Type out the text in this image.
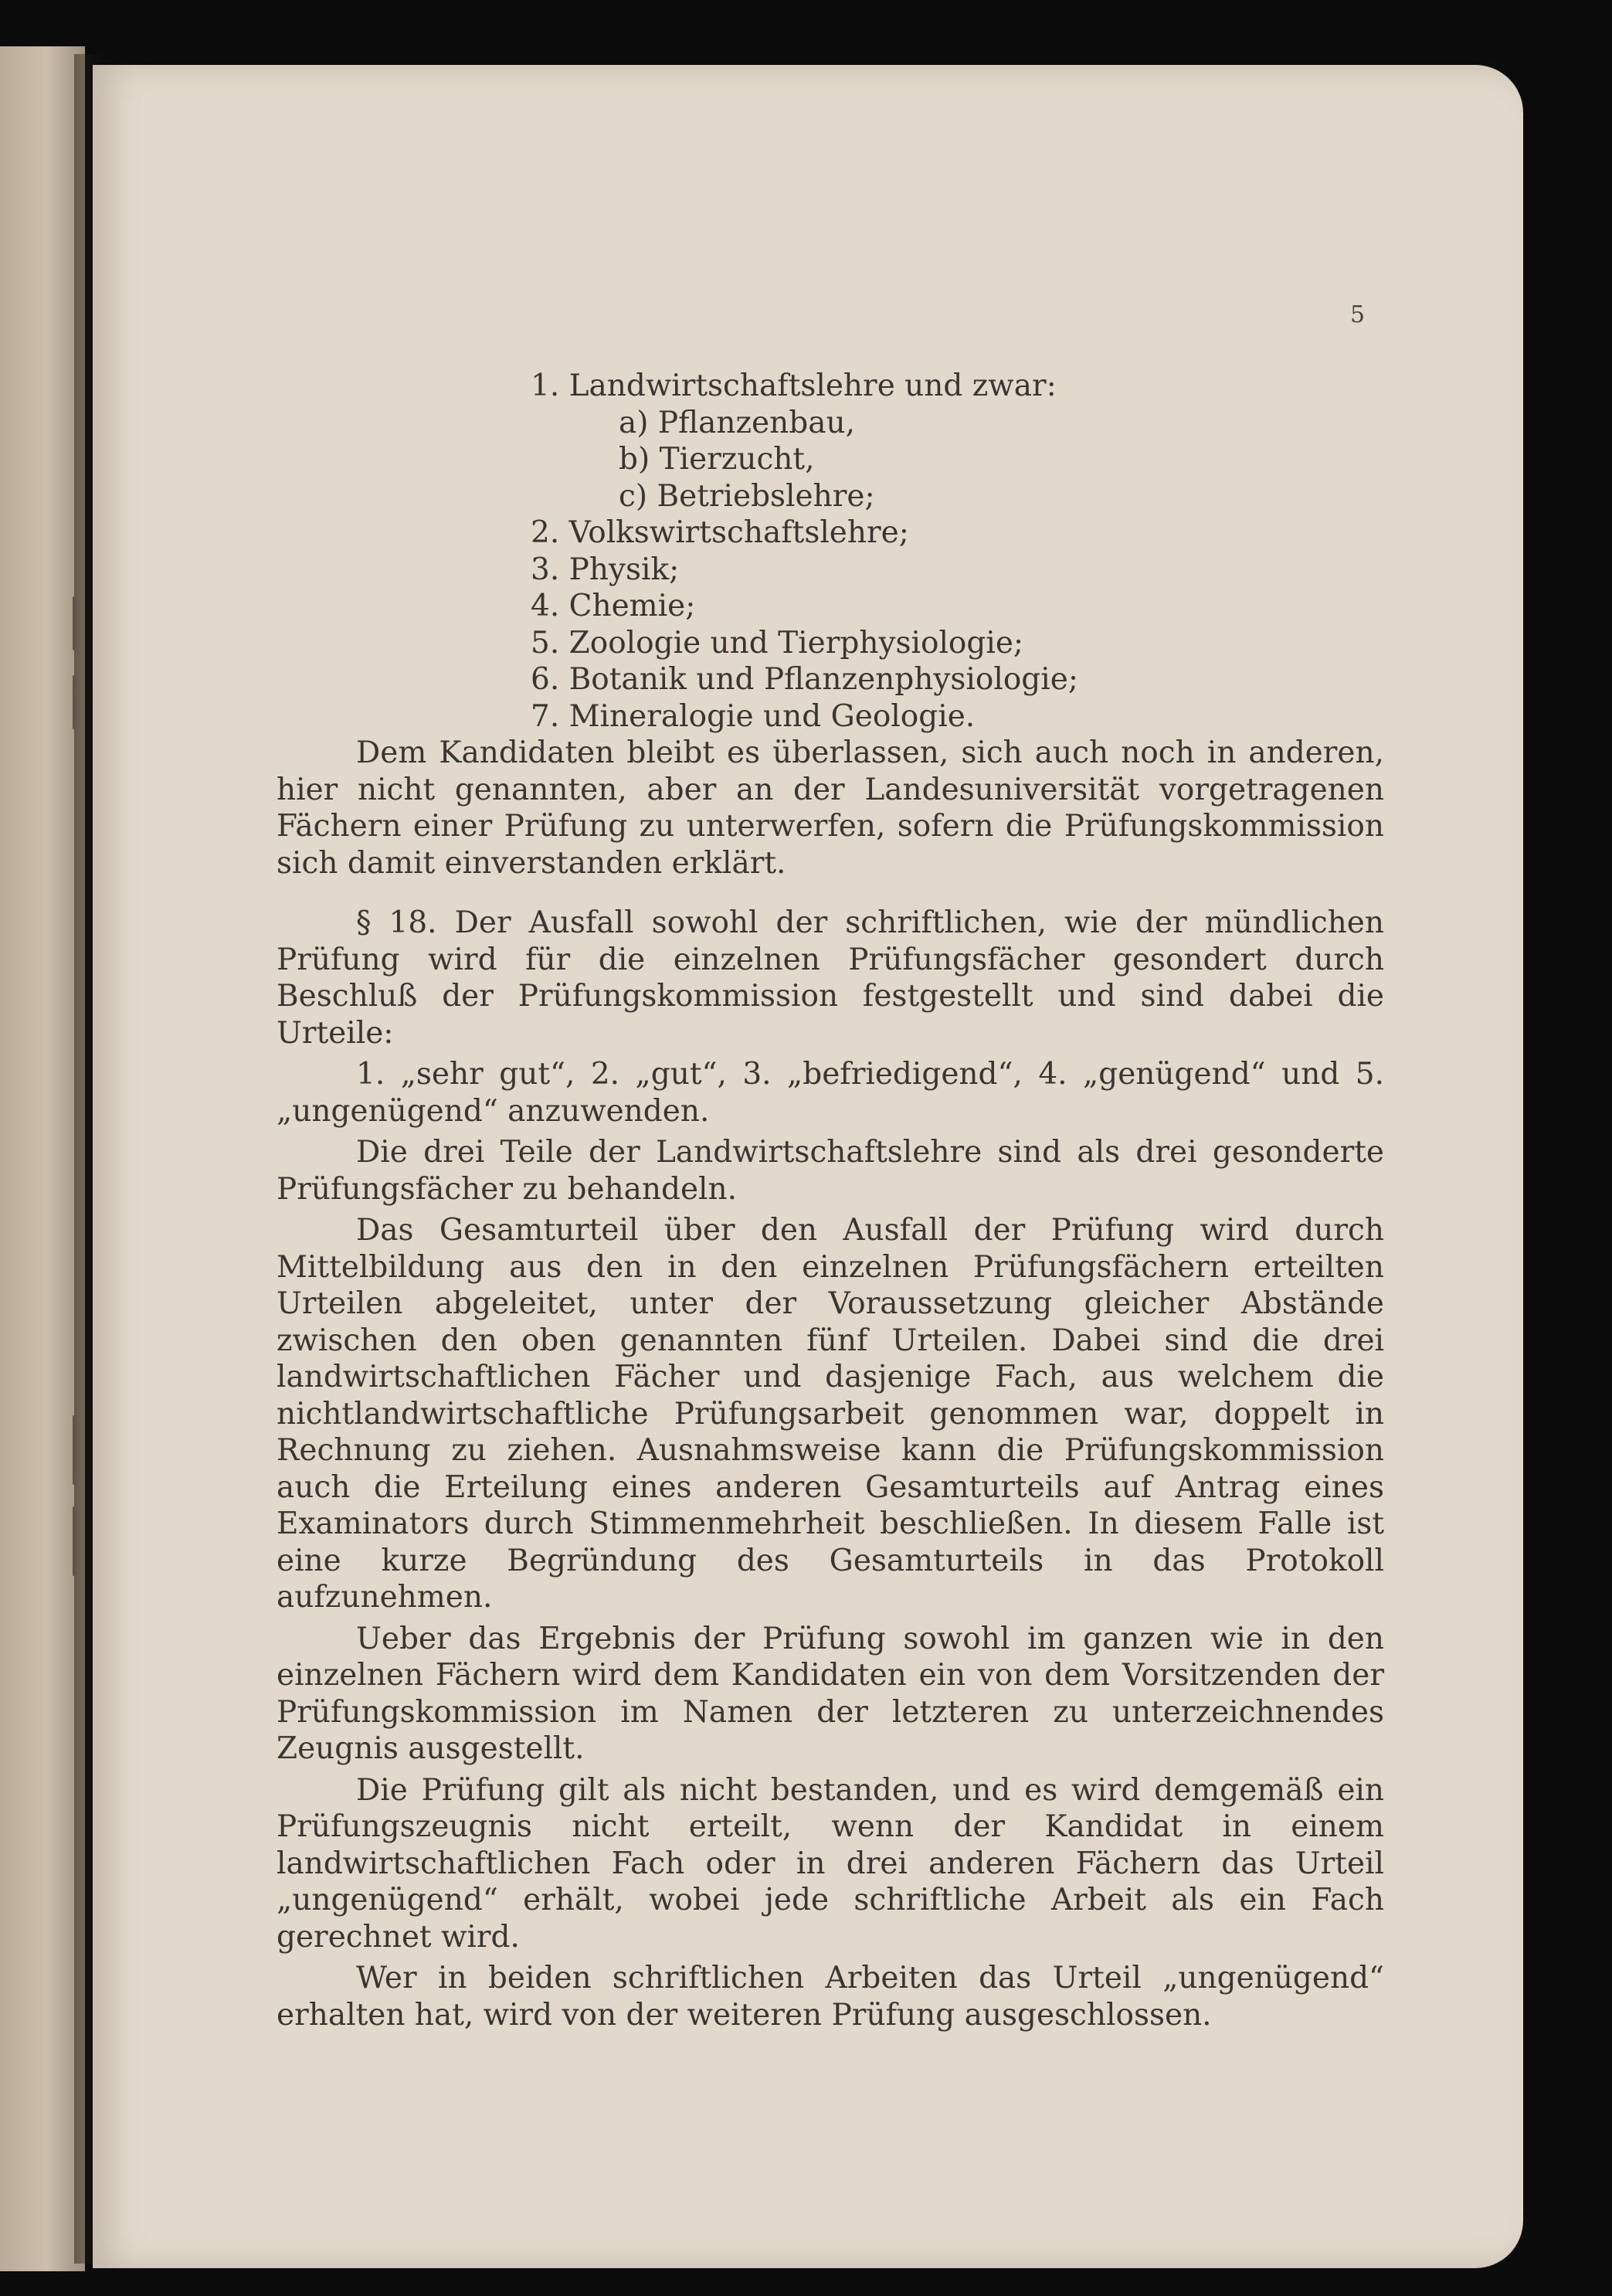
5
1. Landwirtschaftslehre und zwar:
a) Pflanzenbau,
b) Tierzucht,
c) Betriebslehre;
2. Volkswirtschaftslehre;
3. Physik;
4. Chemie;
5. Zoologie und Tierphysiologie;
6. Botanik und Pflanzenphysiologie;
7. Mineralogie und Geologie.

Dem Kandidaten bleibt es überlassen, sich auch noch in anderen, hier nicht genannten, aber an der Landesuniversität vorgetragenen Fächern einer Prüfung zu unterwerfen, sofern die Prüfungskommission sich damit einverstanden erklärt.

§ 18. Der Ausfall sowohl der schriftlichen, wie der mündlichen Prüfung wird für die einzelnen Prüfungsfächer gesondert durch Beschluß der Prüfungskommission festgestellt und sind dabei die Urteile:

1. „sehr gut“, 2. „gut“, 3. „befriedigend“, 4. „genügend“ und 5. „ungenügend“ anzuwenden.

Die drei Teile der Landwirtschaftslehre sind als drei gesonderte Prüfungsfächer zu behandeln.

Das Gesamturteil über den Ausfall der Prüfung wird durch Mittelbildung aus den in den einzelnen Prüfungsfächern erteilten Urteilen abgeleitet, unter der Voraussetzung gleicher Abstände zwischen den oben genannten fünf Urteilen. Dabei sind die drei landwirtschaftlichen Fächer und dasjenige Fach, aus welchem die nichtlandwirtschaftliche Prüfungsarbeit genommen war, doppelt in Rechnung zu ziehen. Ausnahmsweise kann die Prüfungskommission auch die Erteilung eines anderen Gesamturteils auf Antrag eines Examinators durch Stimmenmehrheit beschließen. In diesem Falle ist eine kurze Begründung des Gesamturteils in das Protokoll aufzunehmen.

Ueber das Ergebnis der Prüfung sowohl im ganzen wie in den einzelnen Fächern wird dem Kandidaten ein von dem Vorsitzenden der Prüfungskommission im Namen der letzteren zu unterzeichnendes Zeugnis ausgestellt.

Die Prüfung gilt als nicht bestanden, und es wird demgemäß ein Prüfungszeugnis nicht erteilt, wenn der Kandidat in einem landwirtschaftlichen Fach oder in drei anderen Fächern das Urteil „ungenügend“ erhält, wobei jede schriftliche Arbeit als ein Fach gerechnet wird.

Wer in beiden schriftlichen Arbeiten das Urteil „ungenügend“ erhalten hat, wird von der weiteren Prüfung ausgeschlossen.
